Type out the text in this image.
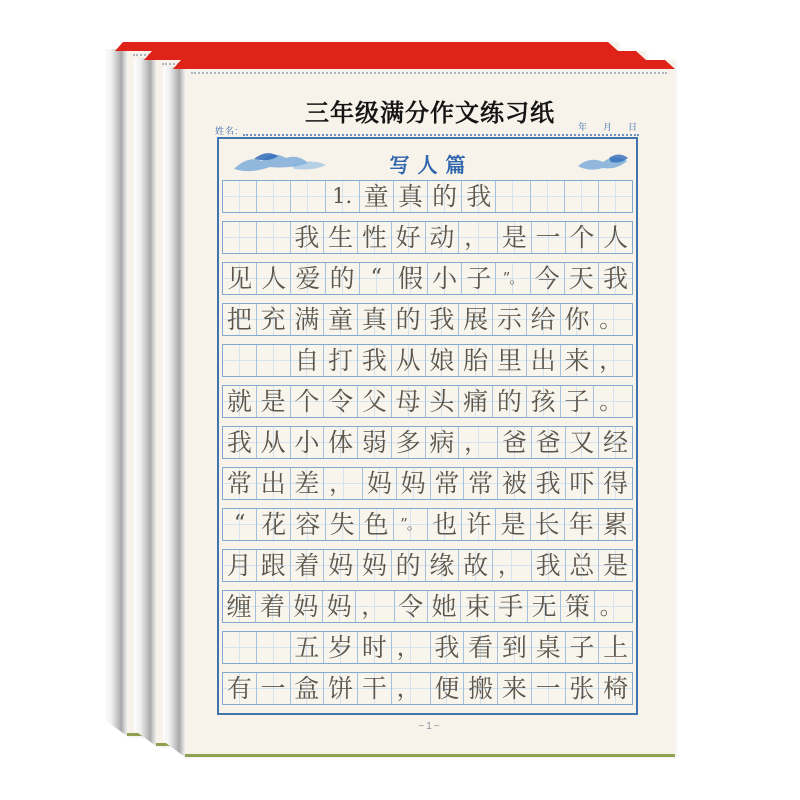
三年级满分作文练习纸
姓名:	年 月 日
写人篇
1. 童 真 的 我
我 生 性 好 动 ， 是 一 个 人
见 人 爱 的 “ 假 小 子 ”。 今 天 我
把 充 满 童 真 的 我 展 示 给 你 。
自 打 我 从 娘 胎 里 出 来 ，
就 是 个 令 父 母 头 痛 的 孩 子 。
我 从 小 体 弱 多 病 ， 爸 爸 又 经
常 出 差 ， 妈 妈 常 常 被 我 吓 得
“ 花 容 失 色 ”。 也 许 是 长 年 累
月 跟 着 妈 妈 的 缘 故 ， 我 总 是
缠 着 妈 妈 ， 令 她 束 手 无 策 。
五 岁 时 ， 我 看 到 桌 子 上
有 一 盒 饼 干 ， 便 搬 来 一 张 椅
~1~
